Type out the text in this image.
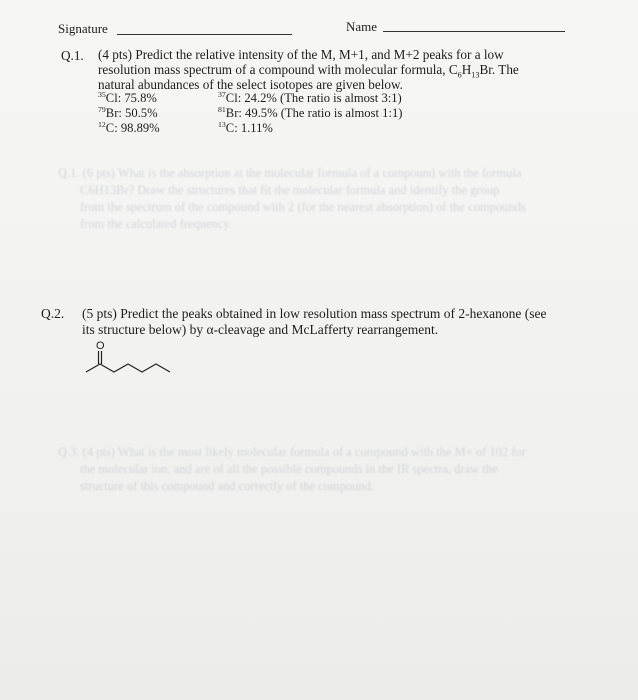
Q.1. (6 pts) What is the absorption at the molecular formula of a compound with the formula
C6H13Br? Draw the structures that fit the molecular formula and identify the group
from the spectrum of the compound with 2 (for the nearest absorption) of the compounds
from the calculated frequency.
Q.3. (4 pts) What is the most likely molecular formula of a compound with the M+ of 102 for
the molecular ion, and are of all the possible compounds in the IR spectra, draw the
structure of this compound and correctly of the compound.
Signature	Name
Q.1. (4 pts) Predict the relative intensity of the M, M+1, and M+2 peaks for a low
resolution mass spectrum of a compound with molecular formula, $C_6H_{13}Br$. The
natural abundances of the select isotopes are given below.
$^{35}$Cl: 75.8%	$^{37}$Cl: 24.2% (The ratio is almost 3:1)
$^{79}$Br: 50.5%	$^{81}$Br: 49.5% (The ratio is almost 1:1)
$^{12}$C: 98.89%	$^{13}$C: 1.11%
Q.2. (5 pts) Predict the peaks obtained in low resolution mass spectrum of 2-hexanone (see
its structure below) by α-cleavage and McLafferty rearrangement.
O
